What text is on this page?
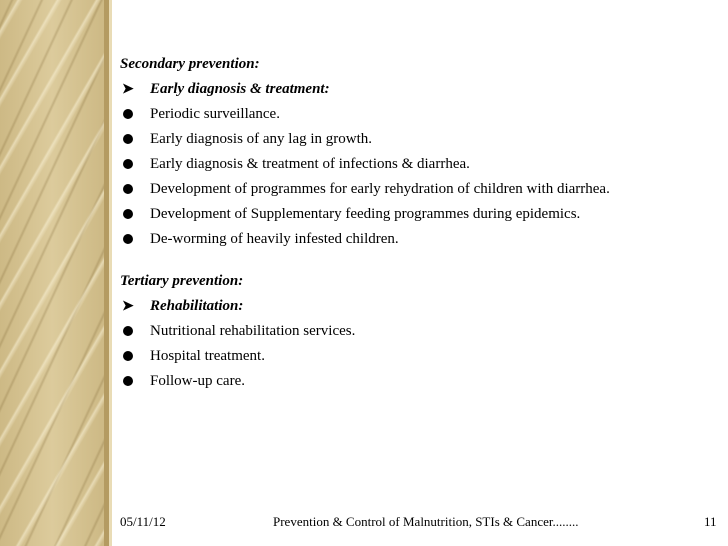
Secondary prevention:

➤ Early diagnosis & treatment:
Periodic surveillance.
Early diagnosis of any lag in growth.
Early diagnosis & treatment of infections & diarrhea.
Development of programmes for early rehydration of children with diarrhea.
Development of Supplementary feeding programmes during epidemics.
De-worming of heavily infested children.

Tertiary prevention:

➤ Rehabilitation:
Nutritional rehabilitation services.
Hospital treatment.
Follow-up care.
05/11/12	Prevention & Control of Malnutrition, STIs & Cancer........	11
